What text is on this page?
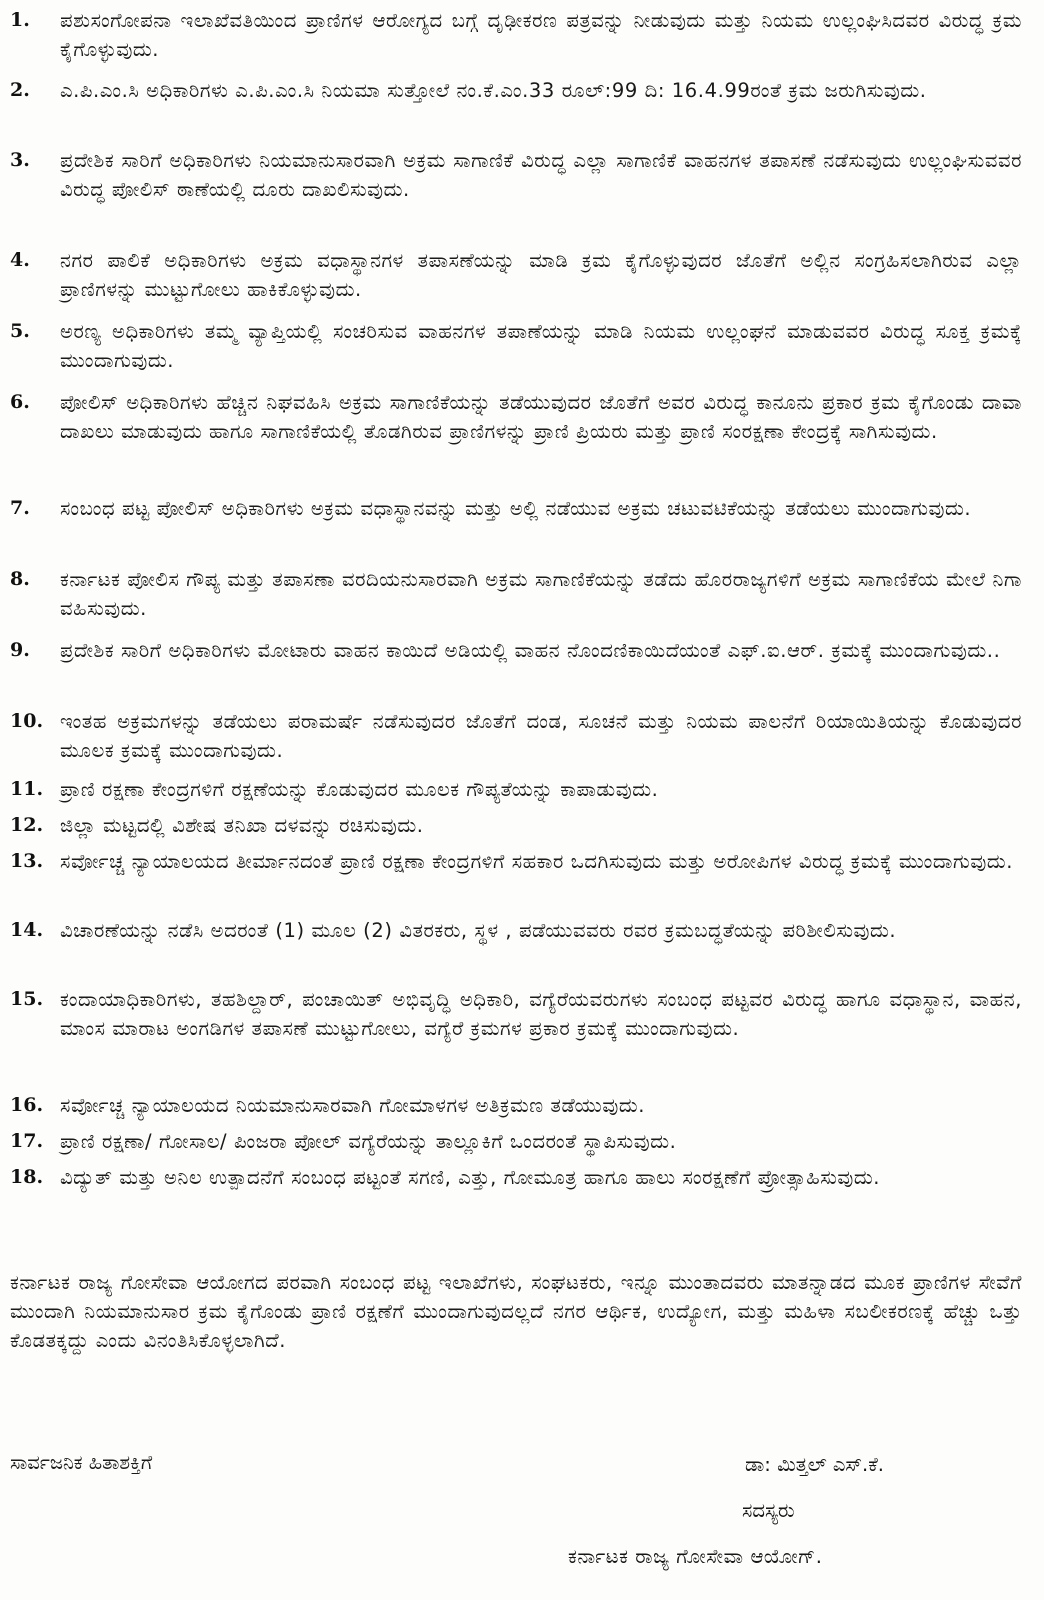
1.	ಪಶುಸಂಗೋಪನಾ ಇಲಾಖೆವತಿಯಿಂದ ಪ್ರಾಣಿಗಳ ಆರೋಗ್ಯದ ಬಗ್ಗೆ ದೃಢೀಕರಣ ಪತ್ರವನ್ನು ನೀಡುವುದು ಮತ್ತು ನಿಯಮ ಉಲ್ಲಂಘಿಸಿದವರ ವಿರುದ್ಧ ಕ್ರಮ ಕೈಗೊಳ್ಳುವುದು.
2.	ಎ.ಪಿ.ಎಂ.ಸಿ ಅಧಿಕಾರಿಗಳು ಎ.ಪಿ.ಎಂ.ಸಿ ನಿಯಮಾ ಸುತ್ತೋಲೆ ನಂ.ಕೆ.ಎಂ.33 ರೂಲ್:99 ದಿ: 16.4.99ರಂತೆ ಕ್ರಮ ಜರುಗಿಸುವುದು.
3.	ಪ್ರದೇಶಿಕ ಸಾರಿಗೆ ಅಧಿಕಾರಿಗಳು ನಿಯಮಾನುಸಾರವಾಗಿ ಅಕ್ರಮ ಸಾಗಾಣಿಕೆ ವಿರುದ್ಧ ಎಲ್ಲಾ ಸಾಗಾಣಿಕೆ ವಾಹನಗಳ ತಪಾಸಣೆ ನಡೆಸುವುದು ಉಲ್ಲಂಘಿಸುವವರ ವಿರುದ್ಧ ಪೋಲಿಸ್ ಠಾಣೆಯಲ್ಲಿ ದೂರು ದಾಖಲಿಸುವುದು.
4.	ನಗರ ಪಾಲಿಕೆ ಅಧಿಕಾರಿಗಳು ಅಕ್ರಮ ವಧಾಸ್ಥಾನಗಳ ತಪಾಸಣೆಯನ್ನು ಮಾಡಿ ಕ್ರಮ ಕೈಗೊಳ್ಳುವುದರ ಜೊತೆಗೆ ಅಲ್ಲಿನ ಸಂಗ್ರಹಿಸಲಾಗಿರುವ ಎಲ್ಲಾ ಪ್ರಾಣಿಗಳನ್ನು ಮುಟ್ಟುಗೋಲು ಹಾಕಿಕೊಳ್ಳುವುದು.
5.	ಅರಣ್ಯ ಅಧಿಕಾರಿಗಳು ತಮ್ಮ ವ್ಯಾಪ್ತಿಯಲ್ಲಿ ಸಂಚರಿಸುವ ವಾಹನಗಳ ತಪಾಣೆಯನ್ನು ಮಾಡಿ ನಿಯಮ ಉಲ್ಲಂಘನೆ ಮಾಡುವವರ ವಿರುದ್ಧ ಸೂಕ್ತ ಕ್ರಮಕ್ಕೆ ಮುಂದಾಗುವುದು.
6.	ಪೋಲಿಸ್ ಅಧಿಕಾರಿಗಳು ಹೆಚ್ಚಿನ ನಿಘವಹಿಸಿ ಅಕ್ರಮ ಸಾಗಾಣಿಕೆಯನ್ನು ತಡೆಯುವುದರ ಜೊತೆಗೆ ಅವರ ವಿರುದ್ಧ ಕಾನೂನು ಪ್ರಕಾರ ಕ್ರಮ ಕೈಗೊಂಡು ದಾವಾ ದಾಖಲು ಮಾಡುವುದು ಹಾಗೂ ಸಾಗಾಣಿಕೆಯಲ್ಲಿ ತೊಡಗಿರುವ ಪ್ರಾಣಿಗಳನ್ನು ಪ್ರಾಣಿ ಪ್ರಿಯರು ಮತ್ತು ಪ್ರಾಣಿ ಸಂರಕ್ಷಣಾ ಕೇಂದ್ರಕ್ಕೆ ಸಾಗಿಸುವುದು.
7.	ಸಂಬಂಧ ಪಟ್ಟ ಪೋಲಿಸ್ ಅಧಿಕಾರಿಗಳು ಅಕ್ರಮ ವಧಾಸ್ಥಾನವನ್ನು ಮತ್ತು ಅಲ್ಲಿ ನಡೆಯುವ ಅಕ್ರಮ ಚಟುವಟಿಕೆಯನ್ನು ತಡೆಯಲು ಮುಂದಾಗುವುದು.
8.	ಕರ್ನಾಟಕ ಪೋಲಿಸ ಗೌಪ್ಯ ಮತ್ತು ತಪಾಸಣಾ ವರದಿಯನುಸಾರವಾಗಿ ಅಕ್ರಮ ಸಾಗಾಣಿಕೆಯನ್ನು ತಡೆದು ಹೊರರಾಜ್ಯಗಳಿಗೆ ಅಕ್ರಮ ಸಾಗಾಣಿಕೆಯ ಮೇಲೆ ನಿಗಾ ವಹಿಸುವುದು.
9.	ಪ್ರದೇಶಿಕ ಸಾರಿಗೆ ಅಧಿಕಾರಿಗಳು ಮೋಟಾರು ವಾಹನ ಕಾಯಿದೆ ಅಡಿಯಲ್ಲಿ ವಾಹನ ನೊಂದಣಿಕಾಯಿದೆಯಂತೆ ಎಫ್.ಐ.ಆರ್. ಕ್ರಮಕ್ಕೆ ಮುಂದಾಗುವುದು..
10. ಇಂತಹ ಅಕ್ರಮಗಳನ್ನು ತಡೆಯಲು ಪರಾಮರ್ಷೆ ನಡೆಸುವುದರ ಜೊತೆಗೆ ದಂಡ, ಸೂಚನೆ ಮತ್ತು ನಿಯಮ ಪಾಲನೆಗೆ ರಿಯಾಯಿತಿಯನ್ನು ಕೊಡುವುದರ ಮೂಲಕ ಕ್ರಮಕ್ಕೆ ಮುಂದಾಗುವುದು.
11. ಪ್ರಾಣಿ ರಕ್ಷಣಾ ಕೇಂದ್ರಗಳಿಗೆ ರಕ್ಷಣೆಯನ್ನು ಕೊಡುವುದರ ಮೂಲಕ ಗೌಪ್ಯತೆಯನ್ನು ಕಾಪಾಡುವುದು.
12. ಜಿಲ್ಲಾ ಮಟ್ಟದಲ್ಲಿ ವಿಶೇಷ ತನಿಖಾ ದಳವನ್ನು ರಚಿಸುವುದು.
13. ಸರ್ವೋಚ್ಚ ನ್ಯಾಯಾಲಯದ ತೀರ್ಮಾನದಂತೆ ಪ್ರಾಣಿ ರಕ್ಷಣಾ ಕೇಂದ್ರಗಳಿಗೆ ಸಹಕಾರ ಒದಗಿಸುವುದು ಮತ್ತು ಅರೋಪಿಗಳ ವಿರುದ್ಧ ಕ್ರಮಕ್ಕೆ ಮುಂದಾಗುವುದು.
14. ವಿಚಾರಣೆಯನ್ನು ನಡೆಸಿ ಅದರಂತೆ (1) ಮೂಲ (2) ವಿತರಕರು, ಸ್ಥಳ , ಪಡೆಯುವವರು ರವರ ಕ್ರಮಬದ್ಧತೆಯನ್ನು ಪರಿಶೀಲಿಸುವುದು.
15. ಕಂದಾಯಾಧಿಕಾರಿಗಳು, ತಹಶಿಲ್ದಾರ್, ಪಂಚಾಯಿತ್ ಅಭಿವೃದ್ಧಿ ಅಧಿಕಾರಿ, ವಗ್ಯೆರೆಯವರುಗಳು ಸಂಬಂಧ ಪಟ್ಟವರ ವಿರುದ್ಧ ಹಾಗೂ ವಧಾಸ್ಥಾನ, ವಾಹನ, ಮಾಂಸ ಮಾರಾಟ ಅಂಗಡಿಗಳ ತಪಾಸಣೆ ಮುಟ್ಟುಗೋಲು, ವಗ್ಯೆರೆ ಕ್ರಮಗಳ ಪ್ರಕಾರ ಕ್ರಮಕ್ಕೆ ಮುಂದಾಗುವುದು.
16. ಸರ್ವೋಚ್ಚ ನ್ಯಾಯಾಲಯದ ನಿಯಮಾನುಸಾರವಾಗಿ ಗೋಮಾಳಗಳ ಅತಿಕ್ರಮಣ ತಡೆಯುವುದು.
17. ಪ್ರಾಣಿ ರಕ್ಷಣಾ/ ಗೋಸಾಲ/ ಪಿಂಜರಾ ಪೋಲ್ ವಗ್ಯೆರೆಯನ್ನು ತಾಲ್ಲೂಕಿಗೆ ಒಂದರಂತೆ ಸ್ಥಾಪಿಸುವುದು.
18. ವಿದ್ಯುತ್ ಮತ್ತು ಅನಿಲ ಉತ್ಪಾದನೆಗೆ ಸಂಬಂಧ ಪಟ್ಟಂತೆ ಸಗಣಿ, ಎತ್ತು, ಗೋಮೂತ್ರ ಹಾಗೂ ಹಾಲು ಸಂರಕ್ಷಣೆಗೆ ಪ್ರೋತ್ಸಾಹಿಸುವುದು.
ಕರ್ನಾಟಕ ರಾಜ್ಯ ಗೋಸೇವಾ ಆಯೋಗದ ಪರವಾಗಿ ಸಂಬಂಧ ಪಟ್ಟ ಇಲಾಖೆಗಳು, ಸಂಘಟಕರು, ಇನ್ನೂ ಮುಂತಾದವರು ಮಾತನ್ನಾಡದ ಮೂಕ ಪ್ರಾಣಿಗಳ ಸೇವೆಗೆ ಮುಂದಾಗಿ ನಿಯಮಾನುಸಾರ ಕ್ರಮ ಕೈಗೊಂಡು ಪ್ರಾಣಿ ರಕ್ಷಣೆಗೆ ಮುಂದಾಗುವುದಲ್ಲದೆ ನಗರ ಆರ್ಥಿಕ, ಉದ್ಯೋಗ, ಮತ್ತು ಮಹಿಳಾ ಸಬಲೀಕರಣಕ್ಕೆ ಹೆಚ್ಚು ಒತ್ತು ಕೊಡತಕ್ಕದ್ದು ಎಂದು ವಿನಂತಿಸಿಕೊಳ್ಳಲಾಗಿದೆ.
ಸಾರ್ವಜನಿಕ ಹಿತಾಶಕ್ತಿಗೆ	ಡಾ: ಮಿತ್ತಲ್ ಎಸ್.ಕೆ.
ಸದಸ್ಯರು
ಕರ್ನಾಟಕ ರಾಜ್ಯ ಗೋಸೇವಾ ಆಯೋಗ್.
